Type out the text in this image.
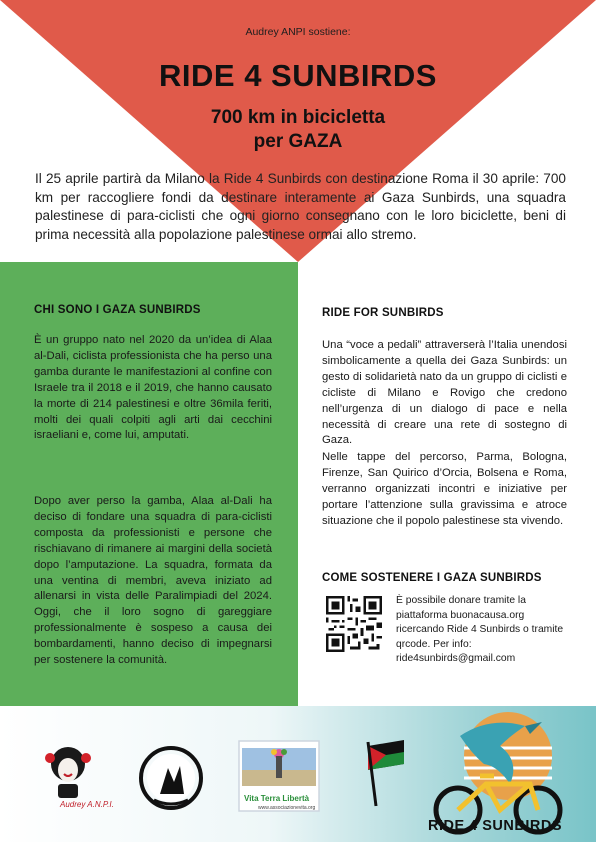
Audrey ANPI sostiene:
RIDE 4 SUNBIRDS
700 km in bicicletta
per GAZA

Il 25 aprile partirà da Milano la Ride 4 Sunbirds con destinazione Roma il 30 aprile: 700 km per raccogliere fondi da destinare interamente ai Gaza Sunbirds, una squadra palestinese di para-ciclisti che ogni giorno consegnano con le loro biciclette, beni di prima necessità alla popolazione palestinese ormai allo stremo.

CHI SONO I GAZA SUNBIRDS

È un gruppo nato nel 2020 da un’idea di Alaa al-Dali, ciclista professionista che ha perso una gamba durante le manifestazioni al confine con Israele tra il 2018 e il 2019, che hanno causato la morte di 214 palestinesi e oltre 36mila feriti, molti dei quali colpiti agli arti dai cecchini israeliani e, come lui, amputati.

Dopo aver perso la gamba, Alaa al-Dali ha deciso di fondare una squadra di para-ciclisti composta da professionisti e persone che rischiavano di rimanere ai margini della società dopo l’amputazione. La squadra, formata da una ventina di membri, aveva iniziato ad allenarsi in vista delle Paralimpiadi del 2024. Oggi, che il loro sogno di gareggiare professionalmente è sospeso a causa dei bombardamenti, hanno deciso di impegnarsi per sostenere la comunità.

RIDE FOR SUNBIRDS

Una “voce a pedali” attraverserà l’Italia unendosi simbolicamente a quella dei Gaza Sunbirds: un gesto di solidarietà nato da un gruppo di ciclisti e cicliste di Milano e Rovigo che credono nell’urgenza di un dialogo di pace e nella necessità di creare una rete di sostegno di Gaza.

Nelle tappe del percorso, Parma, Bologna, Firenze, San Quirico d’Orcia, Bolsena e Roma, verranno organizzati incontri e iniziative per portare l’attenzione sulla gravissima e atroce situazione che il popolo palestinese sta vivendo.

COME SOSTENERE I GAZA SUNBIRDS

È possibile donare tramite la piattaforma buonacausa.org ricercando Ride 4 Sunbirds o tramite qrcode. Per info: ride4sunbirds@gmail.com

Audrey A.N.P.I.
Vita Terra Libertà
www.associazionevita.org
RIDE 4 SUNBIRDS
